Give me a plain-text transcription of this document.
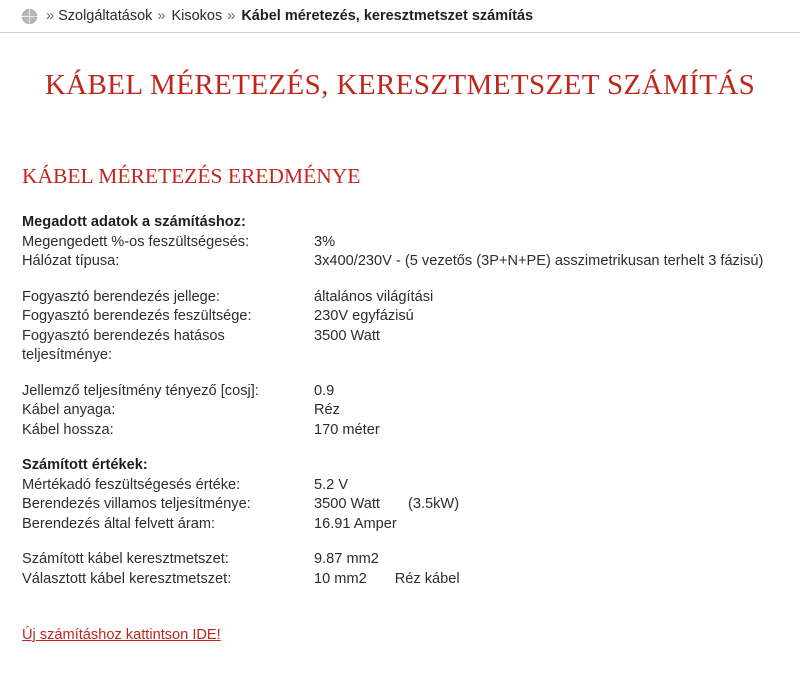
» Szolgáltatások » Kisokos » Kábel méretezés, keresztmetszet számítás
KÁBEL MÉRETEZÉS, KERESZTMETSZET SZÁMÍTÁS
KÁBEL MÉRETEZÉS EREDMÉNYE
Megadott adatok a számításhoz:	
Megengedett %-os feszültségesés:	3%
Hálózat típusa:	3x400/230V - (5 vezetős (3P+N+PE) asszimetrikusan terhelt 3 fázisú)

Fogyasztó berendezés jellege:	általános világítási
Fogyasztó berendezés feszültsége:	230V egyfázisú
Fogyasztó berendezés hatásos teljesítménye:	3500 Watt

Jellemző teljesítmény tényező [cosj]:	0.9
Kábel anyaga:	Réz
Kábel hossza:	170 méter

Számított értékek:	
Mértékadó feszültségesés értéke:	5.2 V
Berendezés villamos teljesítménye:	3500 Watt (3.5kW)
Berendezés által felvett áram:	16.91 Amper

Számított kábel keresztmetszet:	9.87 mm2
Választott kábel keresztmetszet:	10 mm2 Réz kábel
Új számításhoz kattintson IDE!
